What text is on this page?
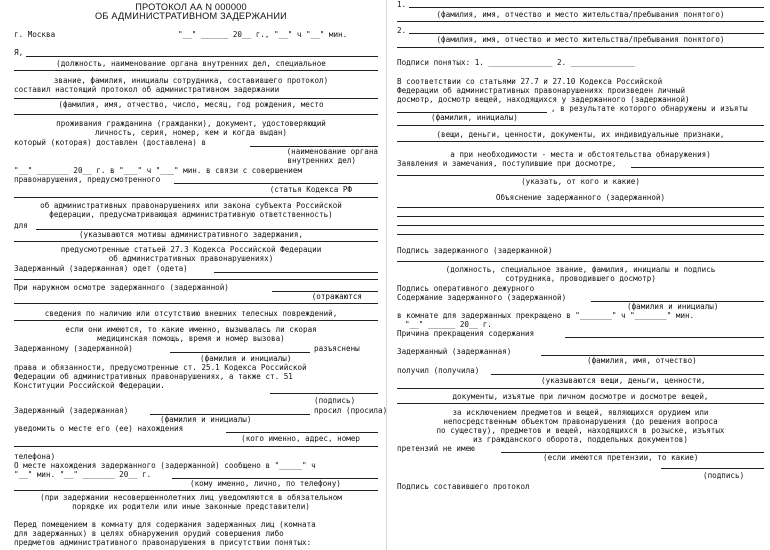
ПРОТОКОЛ АА N 000000
ОБ АДМИНИСТРАТИВНОМ ЗАДЕРЖАНИИ
г. Москва	"__" ______ 20__ г., "__" ч "__" мин.
Я,
(должность, наименование органа внутренних дел, специальное
звание, фамилия, инициалы сотрудника, составившего протокол)
составил настоящий протокол об административном задержании
(фамилия, имя, отчество, число, месяц, год рождения, место
проживания гражданина (гражданки), документ, удостоверяющий
личность, серия, номер, кем и когда выдан)
который (которая) доставлен (доставлена) в
(наименование органа
внутренних дел)
"__" _______ 20__ г. в "___" ч "___" мин. в связи с совершением
правонарушения, предусмотренного
(статья Кодекса РФ
об административных правонарушениях или закона субъекта Российской
федерации, предусматривающая административную ответственность)
для
(указываются мотивы административного задержания,
предусмотренные статьей 27.3 Кодекса Российской Федерации
об административных правонарушениях)
Задержанный (задержанная) одет (одета)
При наружном осмотре задержанного (задержанной)
(отражаются
сведения по наличию или отсутствию внешних телесных повреждений,
если они имеются, то какие именно, вызывалась ли скорая
медицинская помощь, время и номер вызова)
Задержанному (задержанной)	разъяснены
(фамилия и инициалы)
права и обязанности, предусмотренные ст. 25.1 Кодекса Российской
Федерации об административных правонарушениях, а также ст. 51
Конституции Российской Федерации.
(подпись)
Задержанный (задержанная)	просил (просила)
(фамилия и инициалы)
уведомить о месте его (ее) нахождения
(кого именно, адрес, номер
телефона)
О месте нахождения задержанного (задержанной) сообщено в "_____" ч
"__" мин. "__" _______ 20__ г.
(кому именно, лично, по телефону)
(при задержании несовершеннолетних лиц уведомляются в обязательном
порядке их родители или иные законные представители)
Перед помещением в комнату для содержания задержанных лиц (комната
для задержанных) в целях обнаружения орудий совершения либо
предметов административного правонарушения в присутствии понятых:
1.
(фамилия, имя, отчество и место жительства/пребывания понятого)
2.
(фамилия, имя, отчество и место жительства/пребывания понятого)
Подписи понятых: 1. ______________ 2. ______________
В соответствии со статьями 27.7 и 27.10 Кодекса Российской
Федерации об административных правонарушениях произведен личный
досмотр, досмотр вещей, находящихся у задержанного (задержанной)
, в результате которого обнаружены и изъяты
(фамилия, инициалы)
(вещи, деньги, ценности, документы, их индивидуальные признаки,
а при необходимости - места и обстоятельства обнаружения)
Заявления и замечания, поступившие при досмотре,
(указать, от кого и какие)
Объяснение задержанного (задержанной)
Подпись задержанного (задержанной)
(должность, специальное звание, фамилия, инициалы и подпись
сотрудника, проводившего досмотр)
Подпись оперативного дежурного
Содержание задержанного (задержанной)
(фамилия и инициалы)
в комнате для задержанных прекращено в "_______" ч "_______" мин.
"__" ______ 20__ г.
Причина прекращения содержания
Задержанный (задержанная)
(фамилия, имя, отчество)
получил (получила)
(указываются вещи, деньги, ценности,
документы, изъятые при личном досмотре и досмотре вещей,
за исключением предметов и вещей, являющихся орудием или
непосредственным объектом правонарушения (до решения вопроса
по существу), предметов и вещей, находящихся в розыске, изъятых
из гражданского оборота, поддельных документов)
претензий не имею
(если имеются претензии, то какие)
(подпись)
Подпись составившего протокол
